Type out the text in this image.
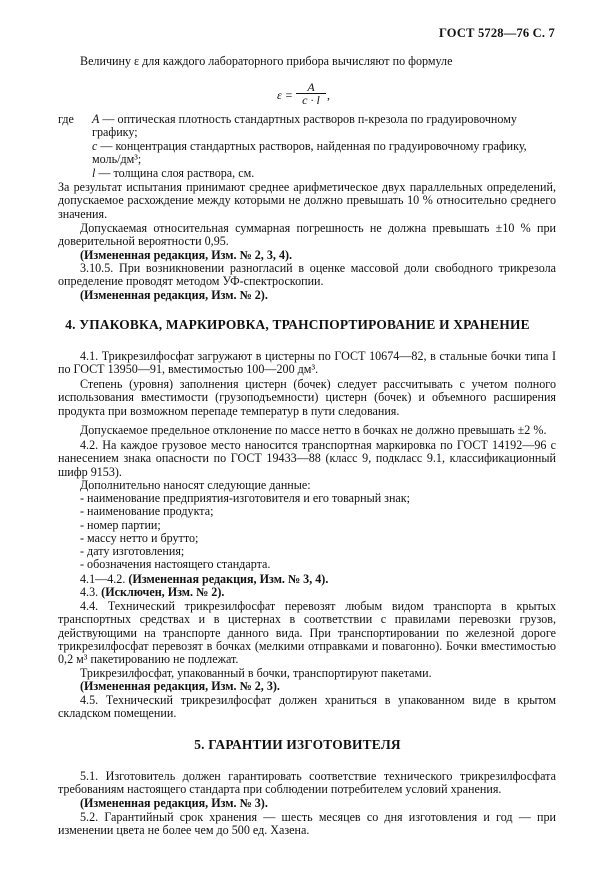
ГОСТ 5728—76 С. 7
Величину ε для каждого лабораторного прибора вычисляют по формуле
$\varepsilon = \frac{A}{c \cdot l}$ ,
где A — оптическая плотность стандартных растворов п-крезола по градуировочному графику;
c — концентрация стандартных растворов, найденная по градуировочному графику, моль/дм³;
l — толщина слоя раствора, см.
За результат испытания принимают среднее арифметическое двух параллельных определений, допускаемое расхождение между которыми не должно превышать 10 % относительно среднего значения.
Допускаемая относительная суммарная погрешность не должна превышать ±10 % при доверительной вероятности 0,95.
(Измененная редакция, Изм. № 2, 3, 4).
3.10.5. При возникновении разногласий в оценке массовой доли свободного трикрезола определение проводят методом УФ-спектроскопии.
(Измененная редакция, Изм. № 2).
4. УПАКОВКА, МАРКИРОВКА, ТРАНСПОРТИРОВАНИЕ И ХРАНЕНИЕ
4.1. Трикрезилфосфат загружают в цистерны по ГОСТ 10674—82, в стальные бочки типа I по ГОСТ 13950—91, вместимостью 100—200 дм³.
Степень (уровня) заполнения цистерн (бочек) следует рассчитывать с учетом полного использования вместимости (грузоподъемности) цистерн (бочек) и объемного расширения продукта при возможном перепаде температур в пути следования.
Допускаемое предельное отклонение по массе нетто в бочках не должно превышать ±2 %.
4.2. На каждое грузовое место наносится транспортная маркировка по ГОСТ 14192—96 с нанесением знака опасности по ГОСТ 19433—88 (класс 9, подкласс 9.1, классификационный шифр 9153).
Дополнительно наносят следующие данные:

- наименование предприятия-изготовителя и его товарный знак;

- наименование продукта;

- номер партии;

- массу нетто и брутто;

- дату изготовления;

- обозначения настоящего стандарта.

4.1—4.2. (Измененная редакция, Изм. № 3, 4).
4.3. (Исключен, Изм. № 2).
4.4. Технический трикрезилфосфат перевозят любым видом транспорта в крытых транспортных средствах и в цистернах в соответствии с правилами перевозки грузов, действующими на транспорте данного вида. При транспортировании по железной дороге трикрезилфосфат перевозят в бочках (мелкими отправками и повагонно). Бочки вместимостью 0,2 м³ пакетированию не подлежат.
Трикрезилфосфат, упакованный в бочки, транспортируют пакетами.
(Измененная редакция, Изм. № 2, 3).
4.5. Технический трикрезилфосфат должен храниться в упакованном виде в крытом складском помещении.
5. ГАРАНТИИ ИЗГОТОВИТЕЛЯ
5.1. Изготовитель должен гарантировать соответствие технического трикрезилфосфата требованиям настоящего стандарта при соблюдении потребителем условий хранения.
(Измененная редакция, Изм. № 3).
5.2. Гарантийный срок хранения — шесть месяцев со дня изготовления и год — при изменении цвета не более чем до 500 ед. Хазена.
